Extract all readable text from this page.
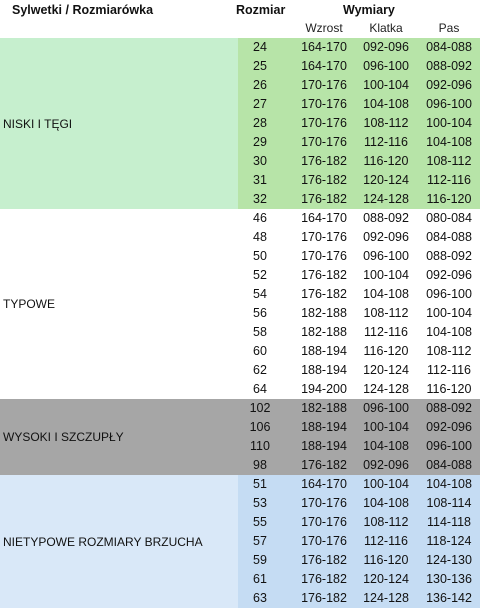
Sylwetki / Rozmiarówka	Rozmiar	Wymiary
Wzrost	Klatka	Pas
NISKI I TĘGI
24	164-170	092-096	084-088
25	164-170	096-100	088-092
26	170-176	100-104	092-096
27	170-176	104-108	096-100
28	170-176	108-112	100-104
29	170-176	112-116	104-108
30	176-182	116-120	108-112
31	176-182	120-124	112-116
32	176-182	124-128	116-120
TYPOWE
46	164-170	088-092	080-084
48	170-176	092-096	084-088
50	170-176	096-100	088-092
52	176-182	100-104	092-096
54	176-182	104-108	096-100
56	182-188	108-112	100-104
58	182-188	112-116	104-108
60	188-194	116-120	108-112
62	188-194	120-124	112-116
64	194-200	124-128	116-120
WYSOKI I SZCZUPŁY
102	182-188	096-100	088-092
106	188-194	100-104	092-096
110	188-194	104-108	096-100
98	176-182	092-096	084-088
NIETYPOWE ROZMIARY BRZUCHA
51	164-170	100-104	104-108
53	170-176	104-108	108-114
55	170-176	108-112	114-118
57	170-176	112-116	118-124
59	176-182	116-120	124-130
61	176-182	120-124	130-136
63	176-182	124-128	136-142
